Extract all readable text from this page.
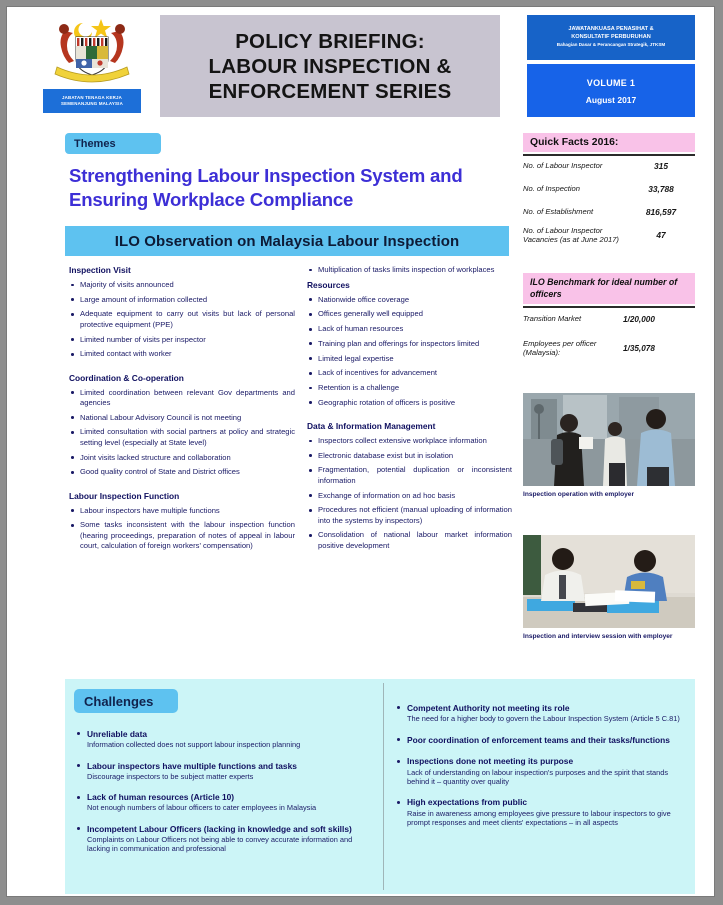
JABATAN TENAGA KERJA SEMENANJUNG MALAYSIA
POLICY BRIEFING:
LABOUR INSPECTION &
ENFORCEMENT SERIES
JAWATANKUASA PENASIHAT &
KONSULTATIF PERBURUHAN
Bahagian Dasar & Perancangan Strategik, JTKSM
VOLUME 1
August 2017
Themes
Strengthening Labour Inspection System and Ensuring Workplace Compliance
ILO Observation on Malaysia Labour Inspection
Inspection Visit
Majority of visits announced
Large amount of information collected
Adequate equipment to carry out visits but lack of personal protective equipment (PPE)
Limited number of visits per inspector
Limited contact with worker
Coordination & Co-operation
Limited coordination between relevant Gov departments and agencies
National Labour Advisory Council is not meeting
Limited consultation with social partners at policy and strategic setting level (especially at State level)
Joint visits lacked structure and collaboration
Good quality control of State and District offices
Labour Inspection Function
Labour inspectors have multiple functions
Some tasks inconsistent with the labour inspection function (hearing proceedings, preparation of notes of appeal in labour court, calculation of foreign workers' compensation)
Multiplication of tasks limits inspection of workplaces
Resources
Nationwide office coverage
Offices generally well equipped
Lack of human resources
Training plan and offerings for inspectors limited
Limited legal expertise
Lack of incentives for advancement
Retention is a challenge
Geographic rotation of officers is positive
Data & Information Management
Inspectors collect extensive workplace information
Electronic database exist but in isolation
Fragmentation, potential duplication or inconsistent information
Exchange of information on ad hoc basis
Procedures not efficient (manual uploading of information into the systems by inspectors)
Consolidation of national labour market information positive development
Quick Facts 2016:
No. of Labour Inspector	315
No. of Inspection	33,788
No. of Establishment	816,597
No. of Labour Inspector Vacancies (as at June 2017)	47
ILO Benchmark for ideal number of officers
Transition Market	1/20,000
Employees per officer (Malaysia):	1/35,078
Inspection operation with employer
Inspection and interview session with employer
Challenges
Unreliable data
Information collected does not support labour inspection planning
Labour inspectors have multiple functions and tasks
Discourage inspectors to be subject matter experts
Lack of human resources (Article 10)
Not enough numbers of labour officers to cater employees in Malaysia
Incompetent Labour Officers (lacking in knowledge and soft skills)
Complaints on Labour Officers not being able to convey accurate information and lacking in communication and professional
Competent Authority not meeting its role
The need for a higher body to govern the Labour Inspection System (Article 5 C.81)
Poor coordination of enforcement teams and their tasks/functions
Inspections done not meeting its purpose
Lack of understanding on labour inspection's purposes and the spirit that stands behind it – quantity over quality
High expectations from public
Raise in awareness among employees give pressure to labour inspectors to give prompt responses and meet clients' expectations – in all aspects
